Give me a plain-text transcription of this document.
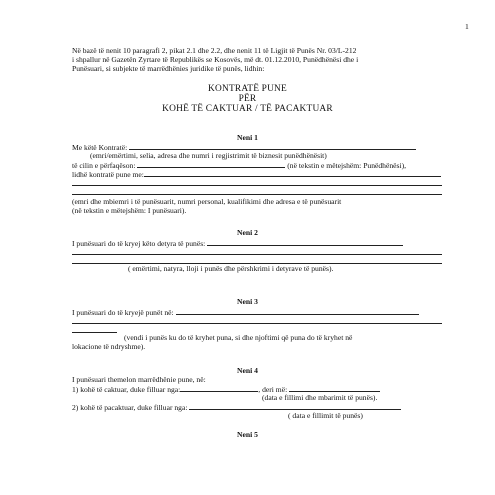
1
Në bazë të nenit 10 paragrafi 2, pikat 2.1 dhe 2.2, dhe nenit 11 të Ligjit të Punës Nr. 03/L-212
i shpallur në Gazetën Zyrtare të Republikës se Kosovës, më dt. 01.12.2010, Punëdhënësi dhe i
Punësuari, si subjekte të marrëdhënies juridike të punës, lidhin:
KONTRATË PUNE
PËR
KOHË TË CAKTUAR / TË PACAKTUAR
Neni 1
Me këtë Kontratë:
(emri/emërtimi, selia, adresa dhe numri i regjistrimit të biznesit punëdhënësit)
të cilin e përfaqëson:	(në tekstin e mëtejshëm: Punëdhënësi),
lidhë kontratë pune me:
(emri dhe mbiemri i të punësuarit, numri personal, kualifikimi dhe adresa e të punësuarit
(në tekstin e mëtejshëm: I punësuari).
Neni 2
I punësuari do të kryej këto detyra të punës:
( emërtimi, natyra, lloji i punës dhe përshkrimi i detyrave të punës).
Neni 3
I punësuari do të kryejë punët në:
(vendi i punës ku do të kryhet puna, si dhe njoftimi që puna do të kryhet në
lokacione të ndryshme).
Neni 4
I punësuari themelon marrëdhënie pune, në:
1) kohë të caktuar, duke filluar nga:	, deri më:
(data e fillimi dhe mbarimit të punës).
2) kohë të pacaktuar, duke filluar nga:
( data e fillimit të punës)
Neni 5
